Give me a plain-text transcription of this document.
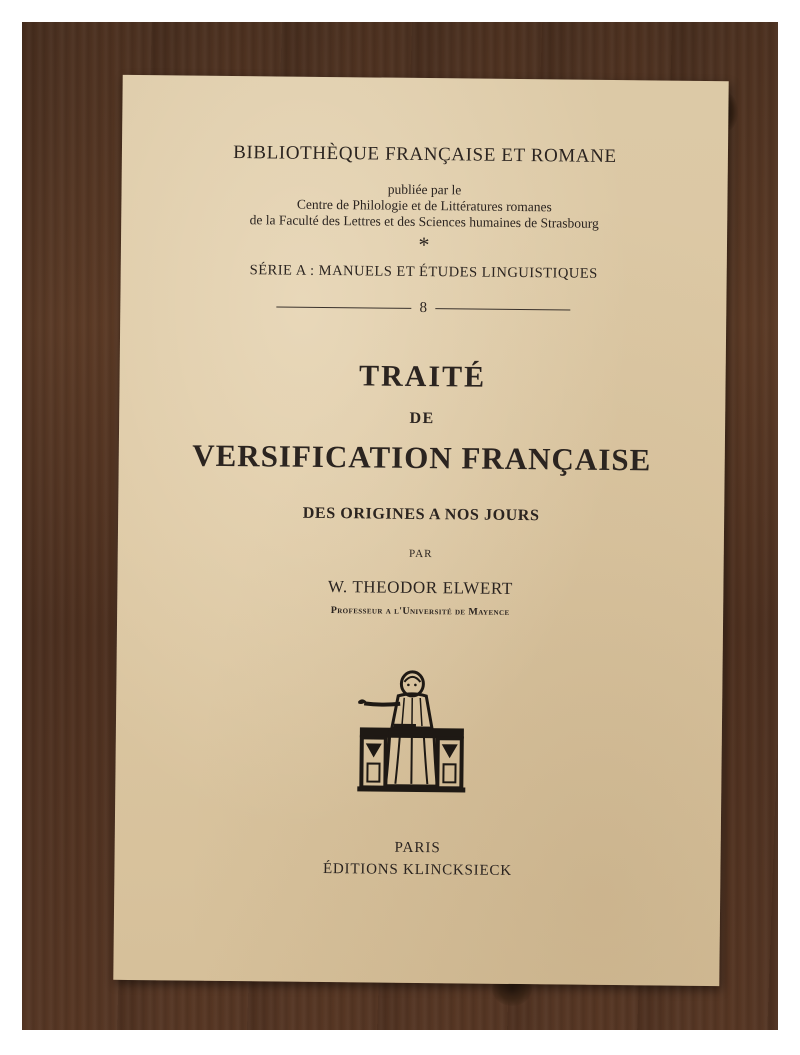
BIBLIOTHÈQUE FRANÇAISE ET ROMANE
publiée par le
Centre de Philologie et de Littératures romanes
de la Faculté des Lettres et des Sciences humaines de Strasbourg
*
SÉRIE A : MANUELS ET ÉTUDES LINGUISTIQUES
8
TRAITÉ
DE
VERSIFICATION FRANÇAISE
DES ORIGINES A NOS JOURS
PAR
W. THEODOR ELWERT
Professeur a l'Université de Mayence
PARIS
ÉDITIONS KLINCKSIECK
